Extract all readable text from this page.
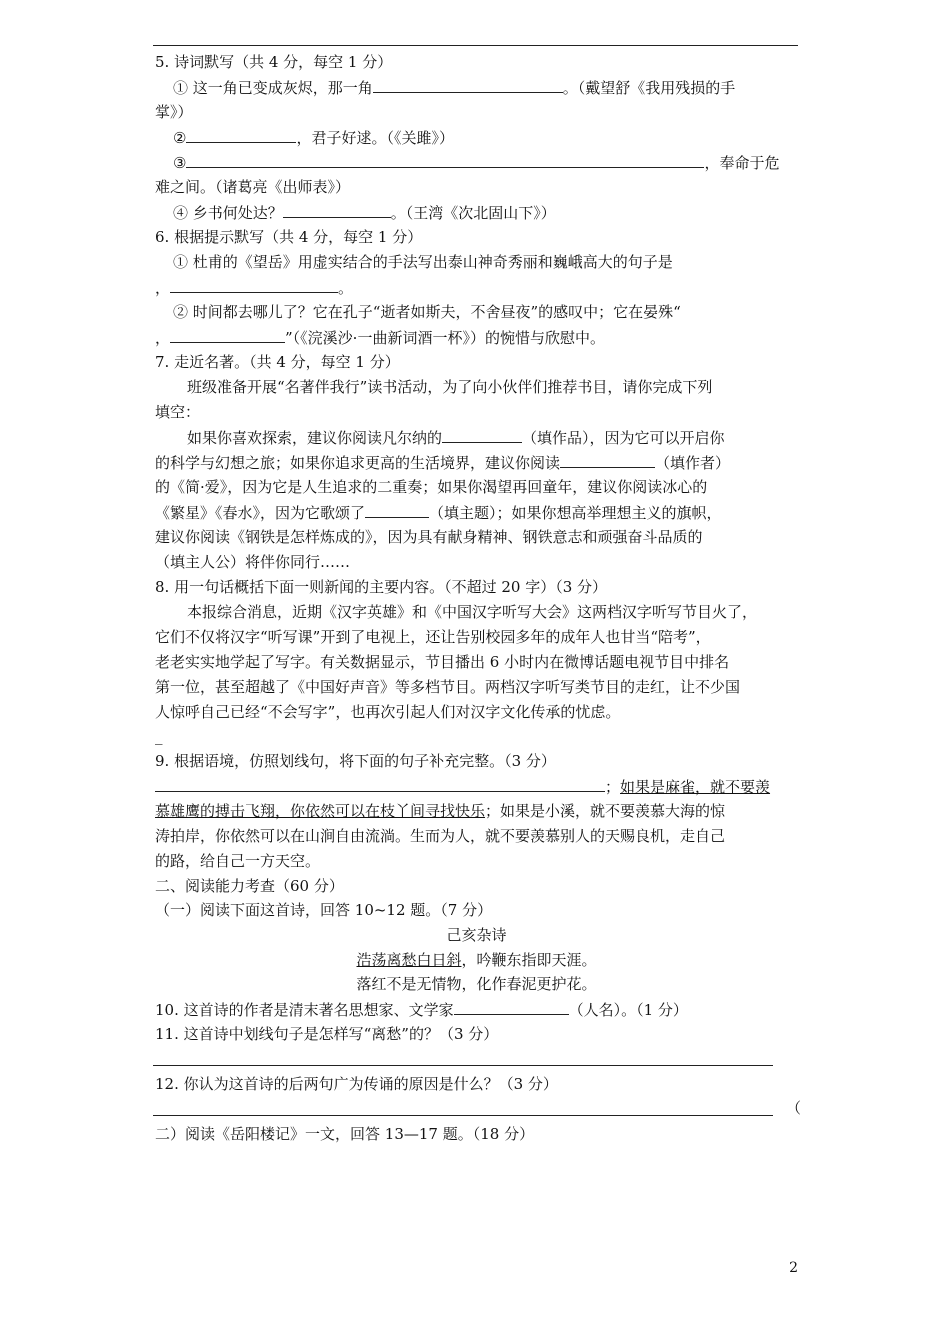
5. 诗词默写（共 4 分，每空 1 分）
① 这一角已变成灰烬，那一角	。（戴望舒《我用残损的手
掌》）
②	，君子好逑。（《关雎》）
③	，奉命于危
难之间。（诸葛亮《出师表》）
④ 乡书何处达？	。（王湾《次北固山下》）
6. 根据提示默写（共 4 分，每空 1 分）
① 杜甫的《望岳》用虚实结合的手法写出泰山神奇秀丽和巍峨高大的句子是
，	。
② 时间都去哪儿了？它在孔子“逝者如斯夫，不舍昼夜”的感叹中；它在晏殊“
，	”（《浣溪沙·一曲新词酒一杯》）的惋惜与欣慰中。
7. 走近名著。（共 4 分，每空 1 分）
班级准备开展“名著伴我行”读书活动，为了向小伙伴们推荐书目，请你完成下列
填空：
如果你喜欢探索，建议你阅读凡尔纳的	（填作品），因为它可以开启你
的科学与幻想之旅；如果你追求更高的生活境界，建议你阅读	（填作者）
的《简·爱》，因为它是人生追求的二重奏；如果你渴望再回童年，建议你阅读冰心的
《繁星》《春水》，因为它歌颂了	（填主题）；如果你想高举理想主义的旗帜，
建议你阅读《钢铁是怎样炼成的》，因为具有献身精神、钢铁意志和顽强奋斗品质的
（填主人公）将伴你同行……
8. 用一句话概括下面一则新闻的主要内容。（不超过 20 字）（3 分）
本报综合消息，近期《汉字英雄》和《中国汉字听写大会》这两档汉字听写节目火了，
它们不仅将汉字“听写课”开到了电视上，还让告别校园多年的成年人也甘当“陪考”，
老老实实地学起了写字。有关数据显示，节目播出 6 小时内在微博话题电视节目中排名
第一位，甚至超越了《中国好声音》等多档节目。两档汉字听写类节目的走红，让不少国
人惊呼自己已经“不会写字”，也再次引起人们对汉字文化传承的忧虑。
_
9. 根据语境，仿照划线句，将下面的句子补充完整。（3 分）
；如果是麻雀，就不要羡
慕雄鹰的搏击飞翔，你依然可以在枝丫间寻找快乐；如果是小溪，就不要羡慕大海的惊
涛拍岸，你依然可以在山涧自由流淌。生而为人，就不要羡慕别人的天赐良机，走自己
的路，给自己一方天空。
二、阅读能力考查（60 分）
（一）阅读下面这首诗，回答 10~12 题。（7 分）
己亥杂诗
浩荡离愁白日斜，吟鞭东指即天涯。
落红不是无情物，化作春泥更护花。
10. 这首诗的作者是清末著名思想家、文学家	（人名）。（1 分）
11. 这首诗中划线句子是怎样写“离愁”的？（3 分）
12. 你认为这首诗的后两句广为传诵的原因是什么？（3 分）
（
二）阅读《岳阳楼记》一文，回答 13—17 题。（18 分）
2
